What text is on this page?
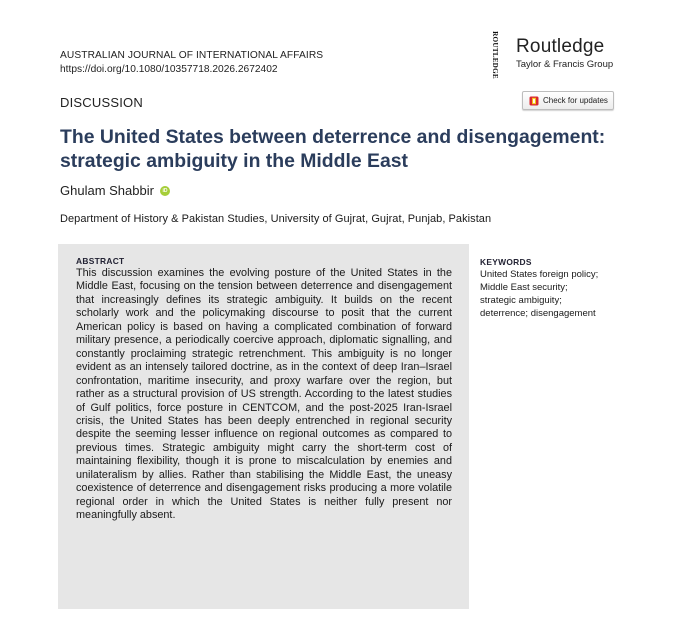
AUSTRALIAN JOURNAL OF INTERNATIONAL AFFAIRS
https://doi.org/10.1080/10357718.2026.2672402	ROUTLEDGE Routledge
Taylor & Francis Group
DISCUSSION	Check for updates
The United States between deterrence and disengagement: strategic ambiguity in the Middle East
Ghulam Shabbir	iD
Department of History & Pakistan Studies, University of Gujrat, Gujrat, Punjab, Pakistan
ABSTRACT
This discussion examines the evolving posture of the United States in the Middle East, focusing on the tension between deterrence and disengagement that increasingly defines its strategic ambiguity. It builds on the recent scholarly work and the policymaking discourse to posit that the current American policy is based on having a complicated combination of forward military presence, a periodically coercive approach, diplomatic signalling, and constantly proclaiming strategic retrenchment. This ambiguity is no longer evident as an intensely tailored doctrine, as in the context of deep Iran–Israel confrontation, maritime insecurity, and proxy warfare over the region, but rather as a structural provision of US strength. According to the latest studies of Gulf politics, force posture in CENTCOM, and the post-2025 Iran-Israel crisis, the United States has been deeply entrenched in regional security despite the seeming lesser influence on regional outcomes as compared to previous times. Strategic ambiguity might carry the short-term cost of maintaining flexibility, though it is prone to miscalculation by enemies and unilateralism by allies. Rather than stabilising the Middle East, the uneasy coexistence of deterrence and disengagement risks producing a more volatile regional order in which the United States is neither fully present nor meaningfully absent.
KEYWORDS
United States foreign policy;
Middle East security;
strategic ambiguity;
deterrence; disengagement
